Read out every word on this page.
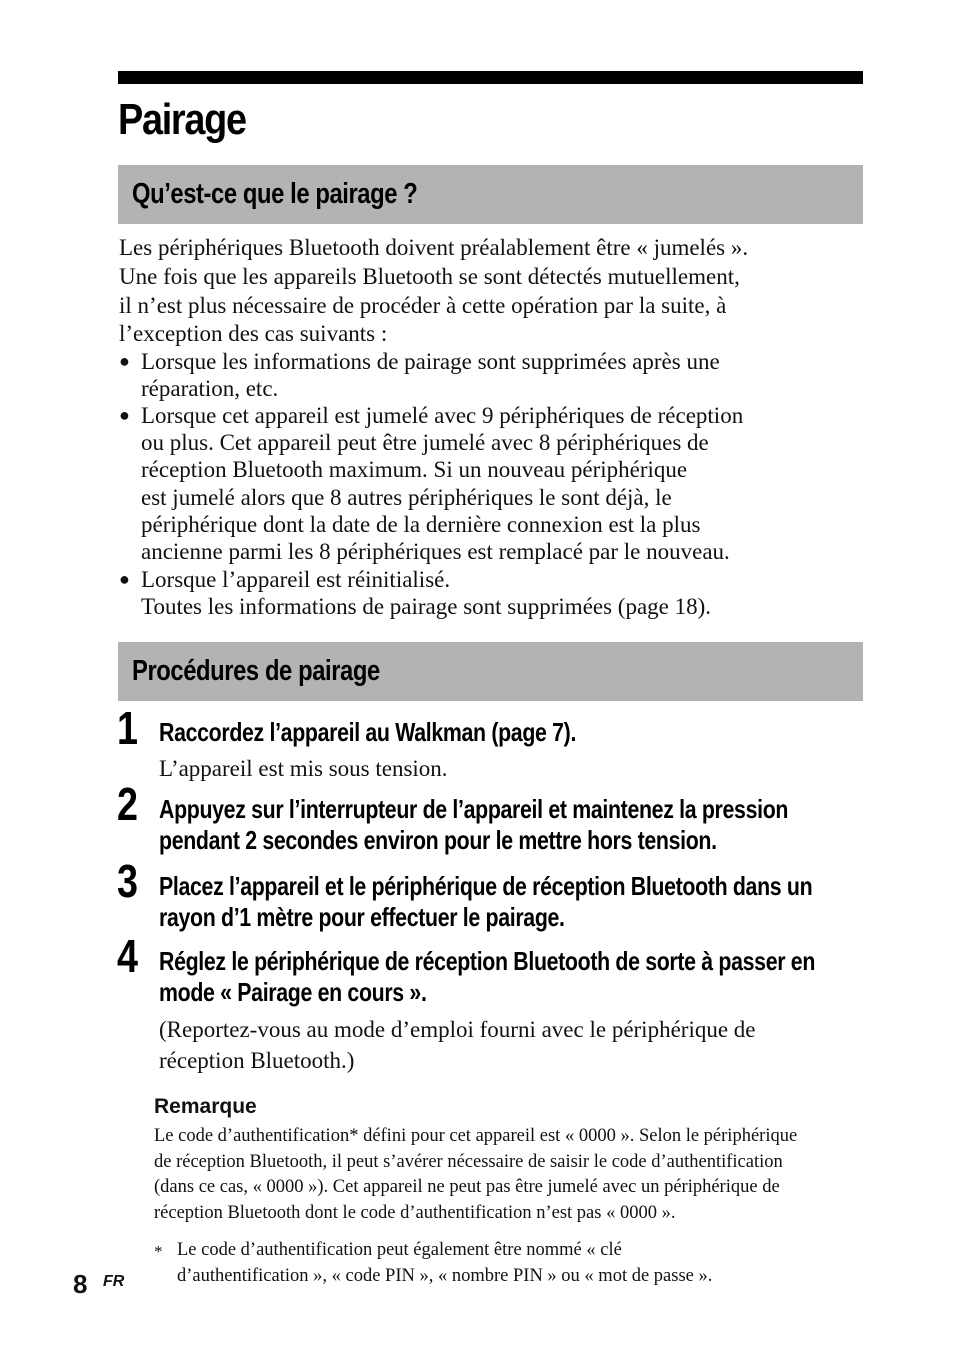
Pairage
Qu’est-ce que le pairage ?
Les périphériques Bluetooth doivent préalablement être « jumelés ».
Une fois que les appareils Bluetooth se sont détectés mutuellement,
il n’est plus nécessaire de procéder à cette opération par la suite, à
l’exception des cas suivants :
● Lorsque les informations de pairage sont supprimées après une
réparation, etc.
● Lorsque cet appareil est jumelé avec 9 périphériques de réception
ou plus. Cet appareil peut être jumelé avec 8 périphériques de
réception Bluetooth maximum. Si un nouveau périphérique
est jumelé alors que 8 autres périphériques le sont déjà, le
périphérique dont la date de la dernière connexion est la plus
ancienne parmi les 8 périphériques est remplacé par le nouveau.
● Lorsque l’appareil est réinitialisé.
Toutes les informations de pairage sont supprimées (page 18).
Procédures de pairage
1 Raccordez l’appareil au Walkman (page 7).
L’appareil est mis sous tension.
2 Appuyez sur l’interrupteur de l’appareil et maintenez la pression
pendant 2 secondes environ pour le mettre hors tension.
3 Placez l’appareil et le périphérique de réception Bluetooth dans un
rayon d’1 mètre pour effectuer le pairage.
4 Réglez le périphérique de réception Bluetooth de sorte à passer en
mode « Pairage en cours ».
(Reportez-vous au mode d’emploi fourni avec le périphérique de
réception Bluetooth.)
Remarque
Le code d’authentification* défini pour cet appareil est « 0000 ». Selon le périphérique
de réception Bluetooth, il peut s’avérer nécessaire de saisir le code d’authentification
(dans ce cas, « 0000 »). Cet appareil ne peut pas être jumelé avec un périphérique de
réception Bluetooth dont le code d’authentification n’est pas « 0000 ».
* Le code d’authentification peut également être nommé « clé
d’authentification », « code PIN », « nombre PIN » ou « mot de passe ».
8 FR
